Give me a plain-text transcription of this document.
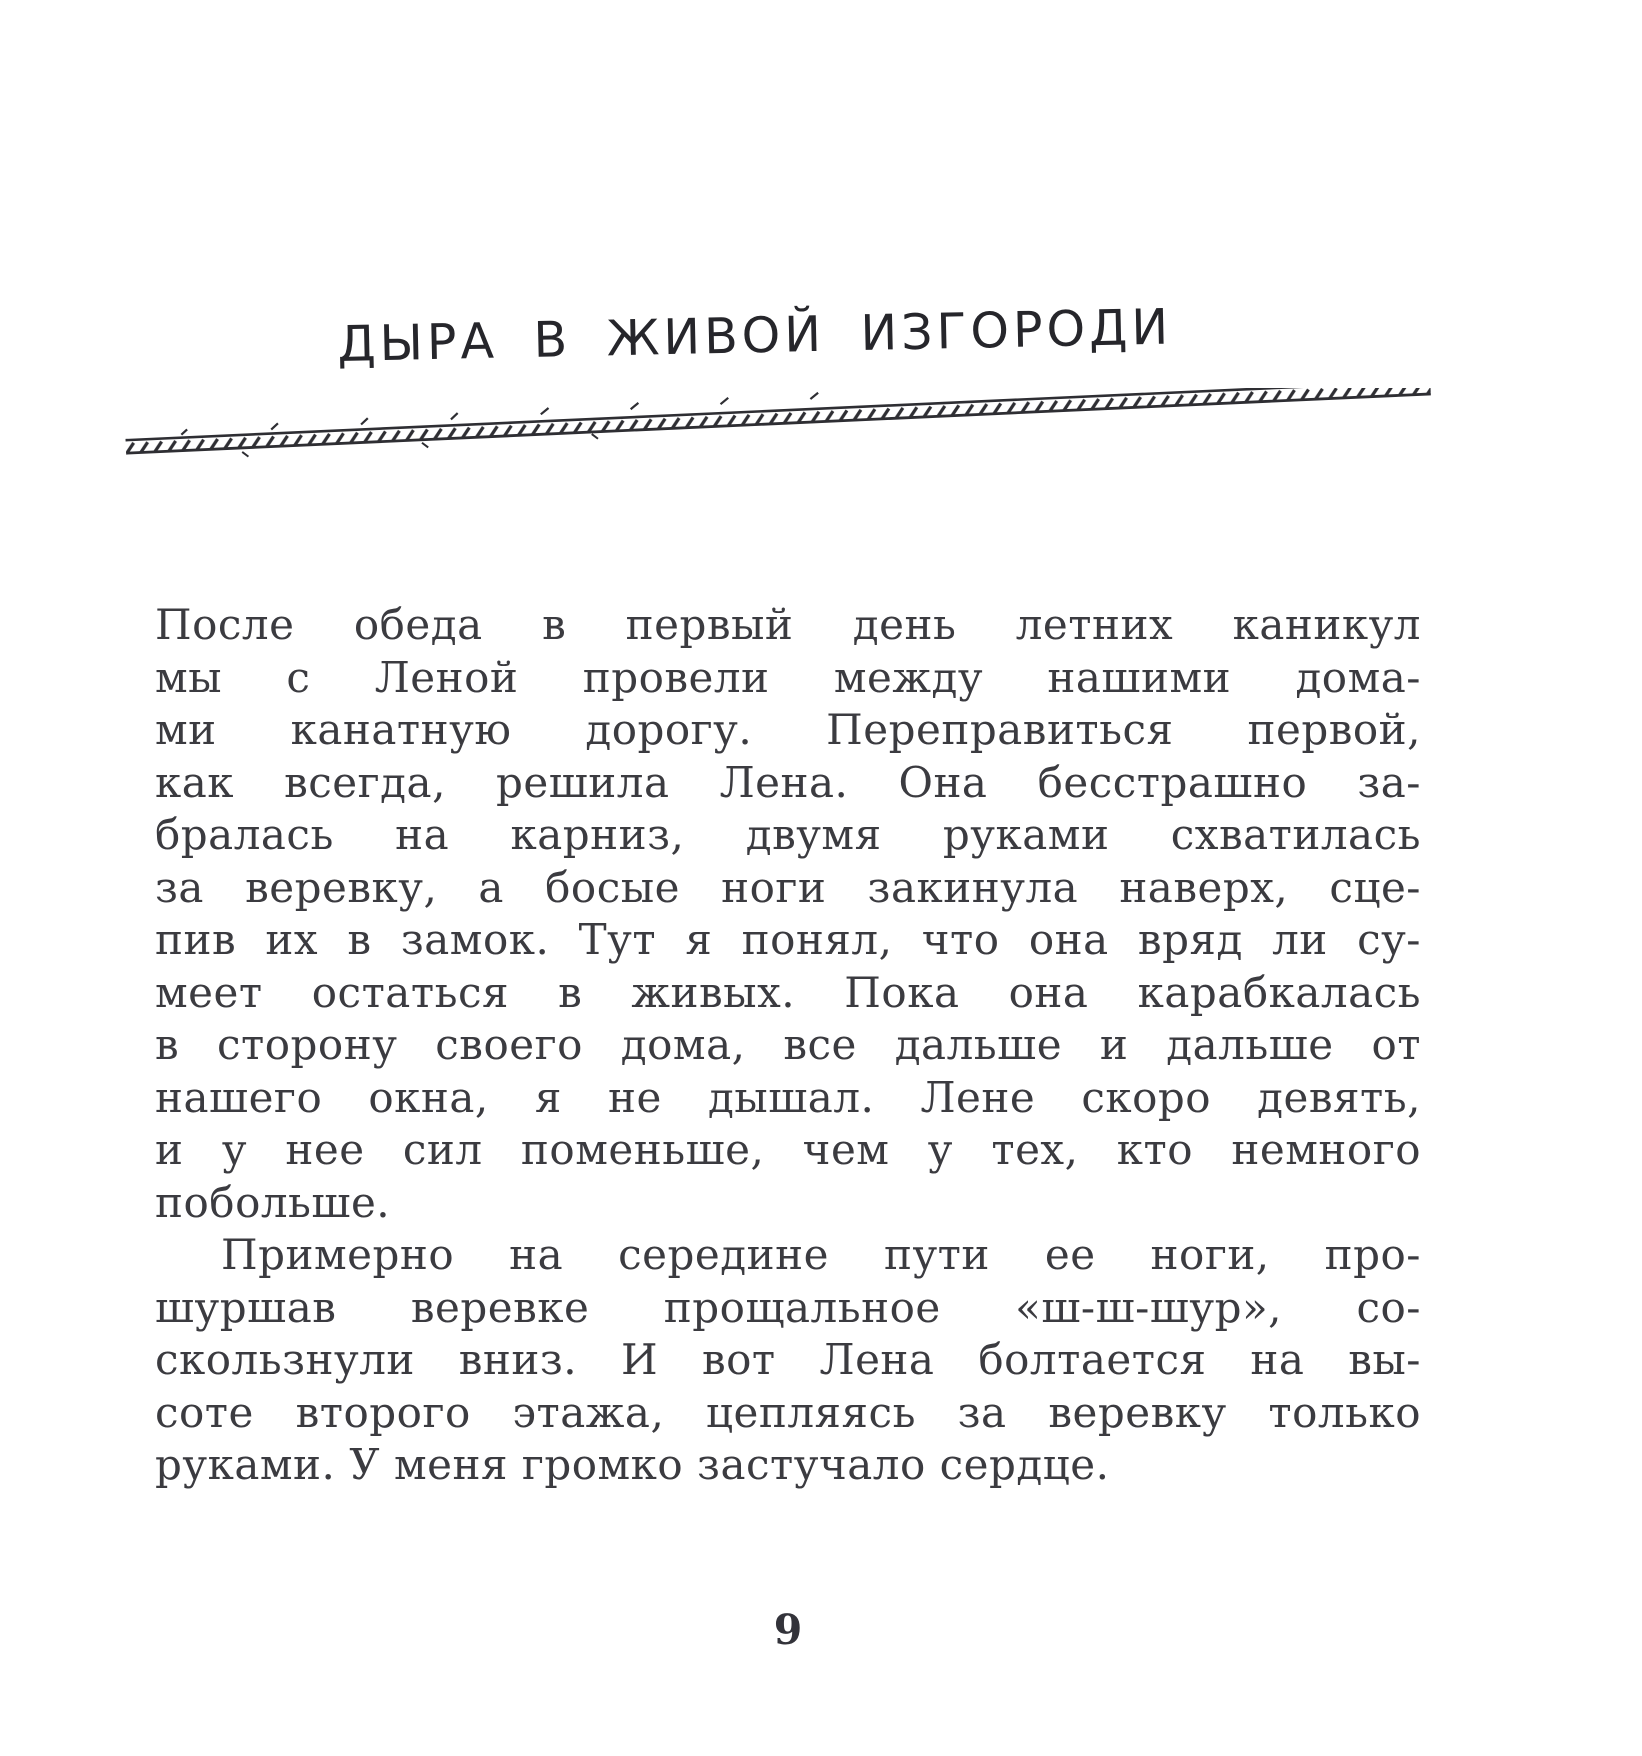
ДЫРА В ЖИВОЙ ИЗГОРОДИ
После обеда в первый день летних каникул
мы с Леной провели между нашими дома-
ми канатную дорогу. Переправиться первой,
как всегда, решила Лена. Она бесстрашно за-
бралась на карниз, двумя руками схватилась
за веревку, а босые ноги закинула наверх, сце-
пив их в замок. Тут я понял, что она вряд ли су-
меет остаться в живых. Пока она карабкалась
в сторону своего дома, все дальше и дальше от
нашего окна, я не дышал. Лене скоро девять,
и у нее сил поменьше, чем у тех, кто немного
побольше.
Примерно на середине пути ее ноги, про-
шуршав веревке прощальное «ш-ш-шур», со-
скользнули вниз. И вот Лена болтается на вы-
соте второго этажа, цепляясь за веревку только
руками. У меня громко застучало сердце.
9
